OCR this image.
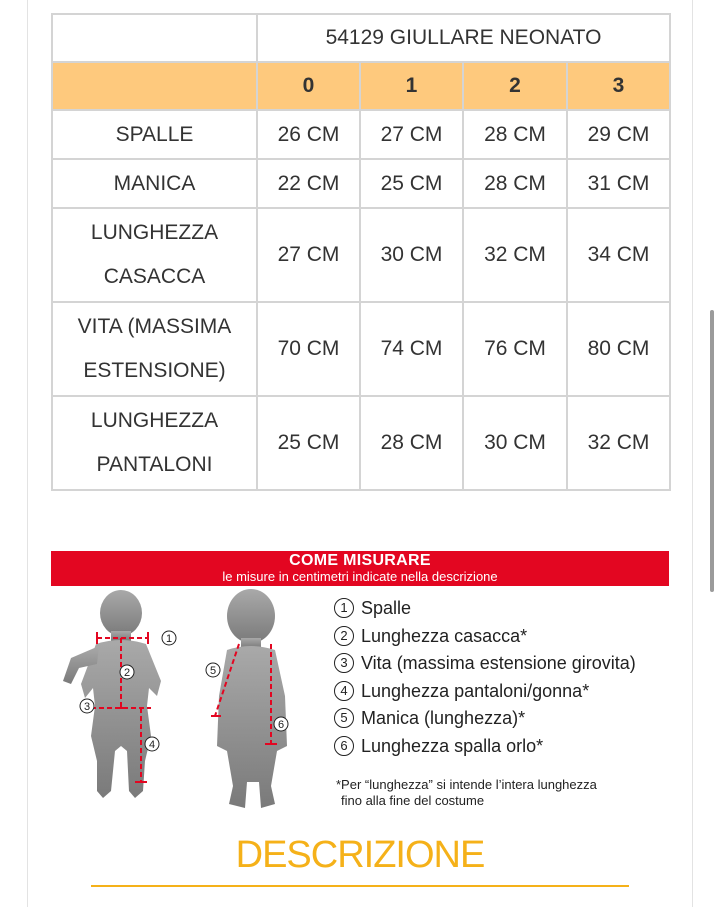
	54129 GIULLARE NEONATO			
	0	1	2	3
SPALLE	26 CM	27 CM	28 CM	29 CM
MANICA	22 CM	25 CM	28 CM	31 CM

LUNGHEZZA
CASACCA	27 CM	30 CM	32 CM	34 CM

VITA (MASSIMA
ESTENSIONE)	70 CM	74 CM	76 CM	80 CM

LUNGHEZZA
PANTALONI	25 CM	28 CM	30 CM	32 CM
COME MISURARE
le misure in centimetri indicate nella descrizione
1
2
3
4
5
6
1 Spalle
2 Lunghezza casacca*
3 Vita (massima estensione girovita)
4 Lunghezza pantaloni/gonna*
5 Manica (lunghezza)*
6 Lunghezza spalla orlo*
*Per “lunghezza” si intende l’intera lunghezza
fino alla fine del costume
DESCRIZIONE
